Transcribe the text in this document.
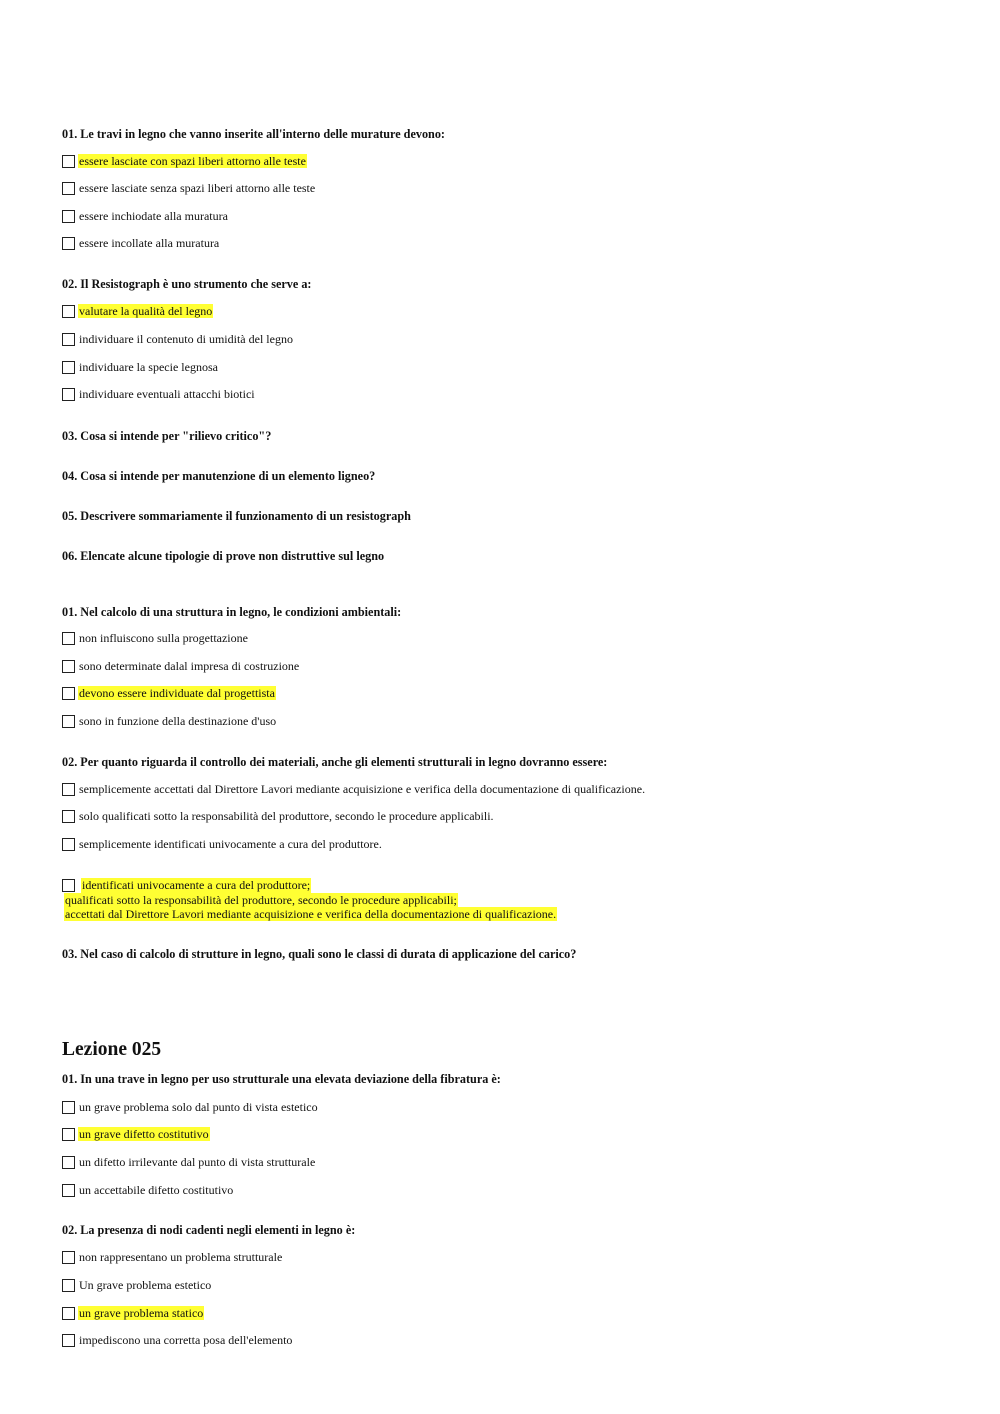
01. Le travi in legno che vanno inserite all'interno delle murature devono:
essere lasciate con spazi liberi attorno alle teste
essere lasciate senza spazi liberi attorno alle teste
essere inchiodate alla muratura
essere incollate alla muratura
02. Il Resistograph è uno strumento che serve a:
valutare la qualità del legno
individuare il contenuto di umidità del legno
individuare la specie legnosa
individuare eventuali attacchi biotici
03. Cosa si intende per "rilievo critico"?
04. Cosa si intende per manutenzione di un elemento ligneo?
05. Descrivere sommariamente il funzionamento di un resistograph
06. Elencate alcune tipologie di prove non distruttive sul legno
01. Nel calcolo di una struttura in legno, le condizioni ambientali:
non influiscono sulla progettazione
sono determinate dalal impresa di costruzione
devono essere individuate dal progettista
sono in funzione della destinazione d'uso
02. Per quanto riguarda il controllo dei materiali, anche gli elementi strutturali in legno dovranno essere:
semplicemente accettati dal Direttore Lavori mediante acquisizione e verifica della documentazione di qualificazione.
solo qualificati sotto la responsabilità del produttore, secondo le procedure applicabili.
semplicemente identificati univocamente a cura del produttore.
identificati univocamente a cura del produttore;
qualificati sotto la responsabilità del produttore, secondo le procedure applicabili;
accettati dal Direttore Lavori mediante acquisizione e verifica della documentazione di qualificazione.
03. Nel caso di calcolo di strutture in legno, quali sono le classi di durata di applicazione del carico?
Lezione 025
01. In una trave in legno per uso strutturale una elevata deviazione della fibratura è:
un grave problema solo dal punto di vista estetico
un grave difetto costitutivo
un difetto irrilevante dal punto di vista strutturale
un accettabile difetto costitutivo
02. La presenza di nodi cadenti negli elementi in legno è:
non rappresentano un problema strutturale
Un grave problema estetico
un grave problema statico
impediscono una corretta posa dell'elemento
